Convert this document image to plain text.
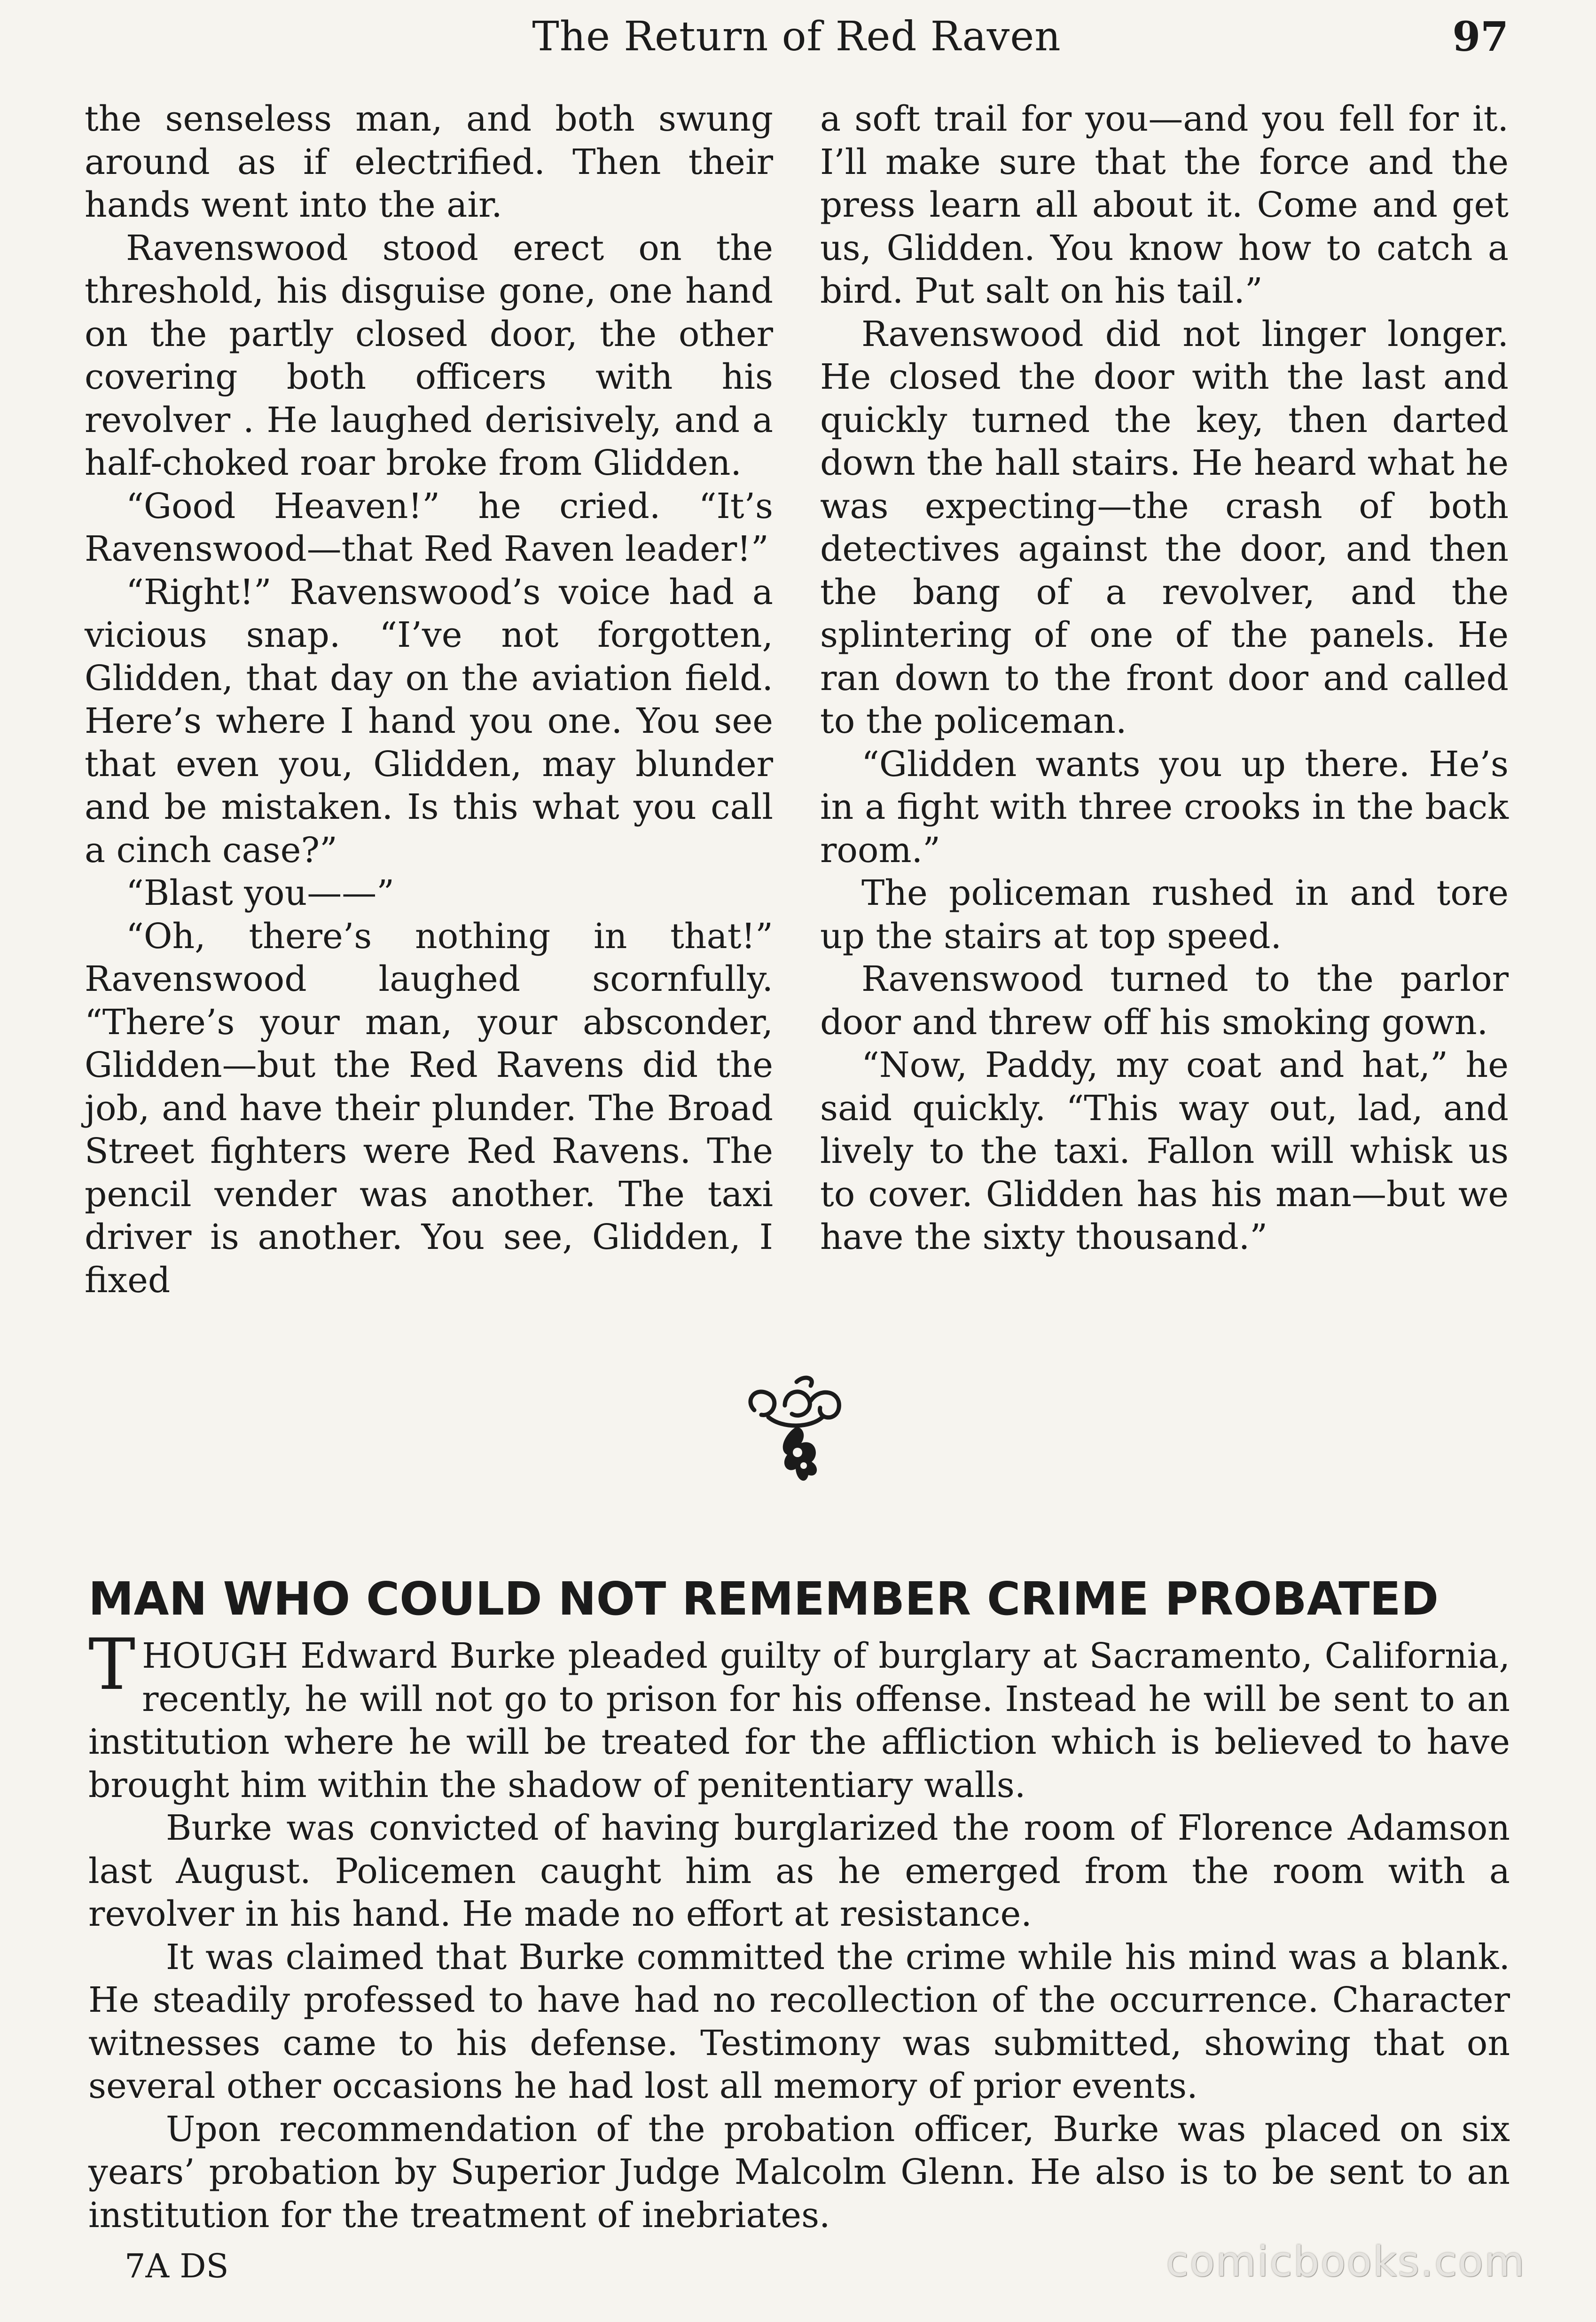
The Return of Red Raven	97

the senseless man, and both swung around as if electrified. Then their hands went into the air.

Ravenswood stood erect on the threshold, his disguise gone, one hand on the partly closed door, the other covering both officers with his revolver . He laughed derisively, and a half-choked roar broke from Glidden.

“Good Heaven!” he cried. “It’s Ravenswood—that Red Raven leader!”

“Right!” Ravenswood’s voice had a vicious snap. “I’ve not forgotten, Glidden, that day on the aviation field. Here’s where I hand you one. You see that even you, Glidden, may blunder and be mistaken. Is this what you call a cinch case?”

“Blast you——”

“Oh, there’s nothing in that!” Ravenswood laughed scornfully. “There’s your man, your absconder, Glidden—but the Red Ravens did the job, and have their plunder. The Broad Street fighters were Red Ravens. The pencil vender was another. The taxi driver is another. You see, Glidden, I fixed

a soft trail for you—and you fell for it. I’ll make sure that the force and the press learn all about it. Come and get us, Glidden. You know how to catch a bird. Put salt on his tail.”

Ravenswood did not linger longer. He closed the door with the last and quickly turned the key, then darted down the hall stairs. He heard what he was expecting—the crash of both detectives against the door, and then the bang of a revolver, and the splintering of one of the panels. He ran down to the front door and called to the policeman.

“Glidden wants you up there. He’s in a fight with three crooks in the back room.”

The policeman rushed in and tore up the stairs at top speed.

Ravenswood turned to the parlor door and threw off his smoking gown.

“Now, Paddy, my coat and hat,” he said quickly. “This way out, lad, and lively to the taxi. Fallon will whisk us to cover. Glidden has his man—but we have the sixty thousand.”

MAN WHO COULD NOT REMEMBER CRIME PROBATED

THOUGH Edward Burke pleaded guilty of burglary at Sacramento, California, recently, he will not go to prison for his offense. Instead he will be sent to an institution where he will be treated for the affliction which is believed to have brought him within the shadow of penitentiary walls.

Burke was convicted of having burglarized the room of Florence Adamson last August. Policemen caught him as he emerged from the room with a revolver in his hand. He made no effort at resistance.

It was claimed that Burke committed the crime while his mind was a blank. He steadily professed to have had no recollection of the occurrence. Character witnesses came to his defense. Testimony was submitted, showing that on several other occasions he had lost all memory of prior events.

Upon recommendation of the probation officer, Burke was placed on six years’ probation by Superior Judge Malcolm Glenn. He also is to be sent to an institution for the treatment of inebriates.

7A DS	comicbooks.com
